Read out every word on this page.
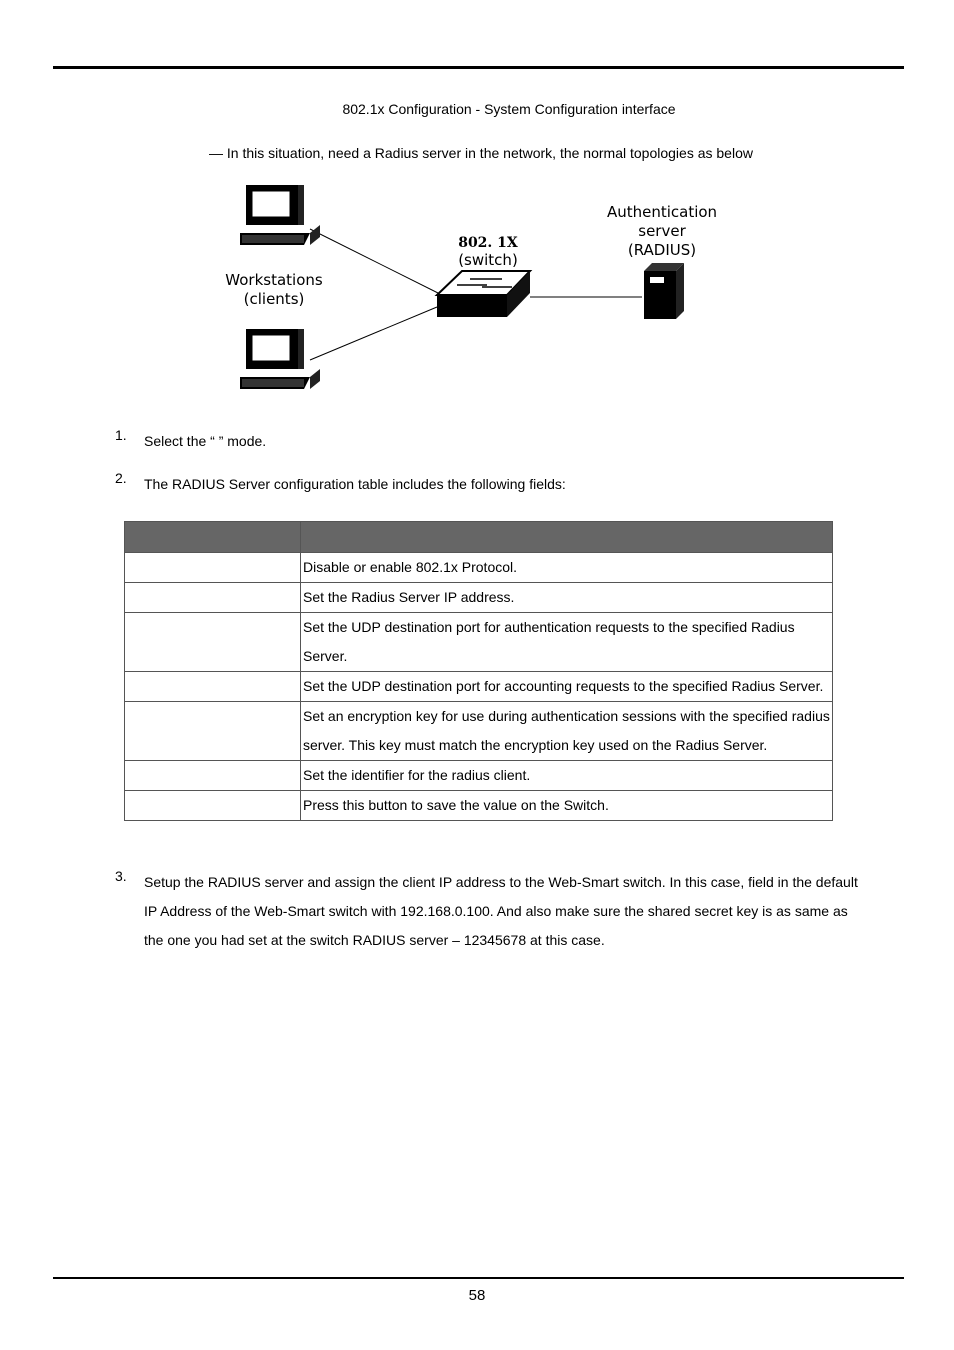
802.1x Configuration - System Configuration interface
— In this situation, need a Radius server in the network, the normal topologies as below
Workstations
(clients)
802. 1X
(switch)
Authentication
server
(RADIUS)
1.	Select the “ ” mode.
2.	The RADIUS Server configuration table includes the following fields:

	Disable or enable 802.1x Protocol.
	Set the Radius Server IP address.
	Set the UDP destination port for authentication requests to the specified Radius Server.
	Set the UDP destination port for accounting requests to the specified Radius Server.
	Set an encryption key for use during authentication sessions with the specified radius server. This key must match the encryption key used on the Radius Server.
	Set the identifier for the radius client.
	Press this button to save the value on the Switch.
3.	Setup the RADIUS server and assign the client IP address to the Web-Smart switch. In this case, field in the default IP Address of the Web-Smart switch with 192.168.0.100. And also make sure the shared secret key is as same as the one you had set at the switch RADIUS server – 12345678 at this case.
58
